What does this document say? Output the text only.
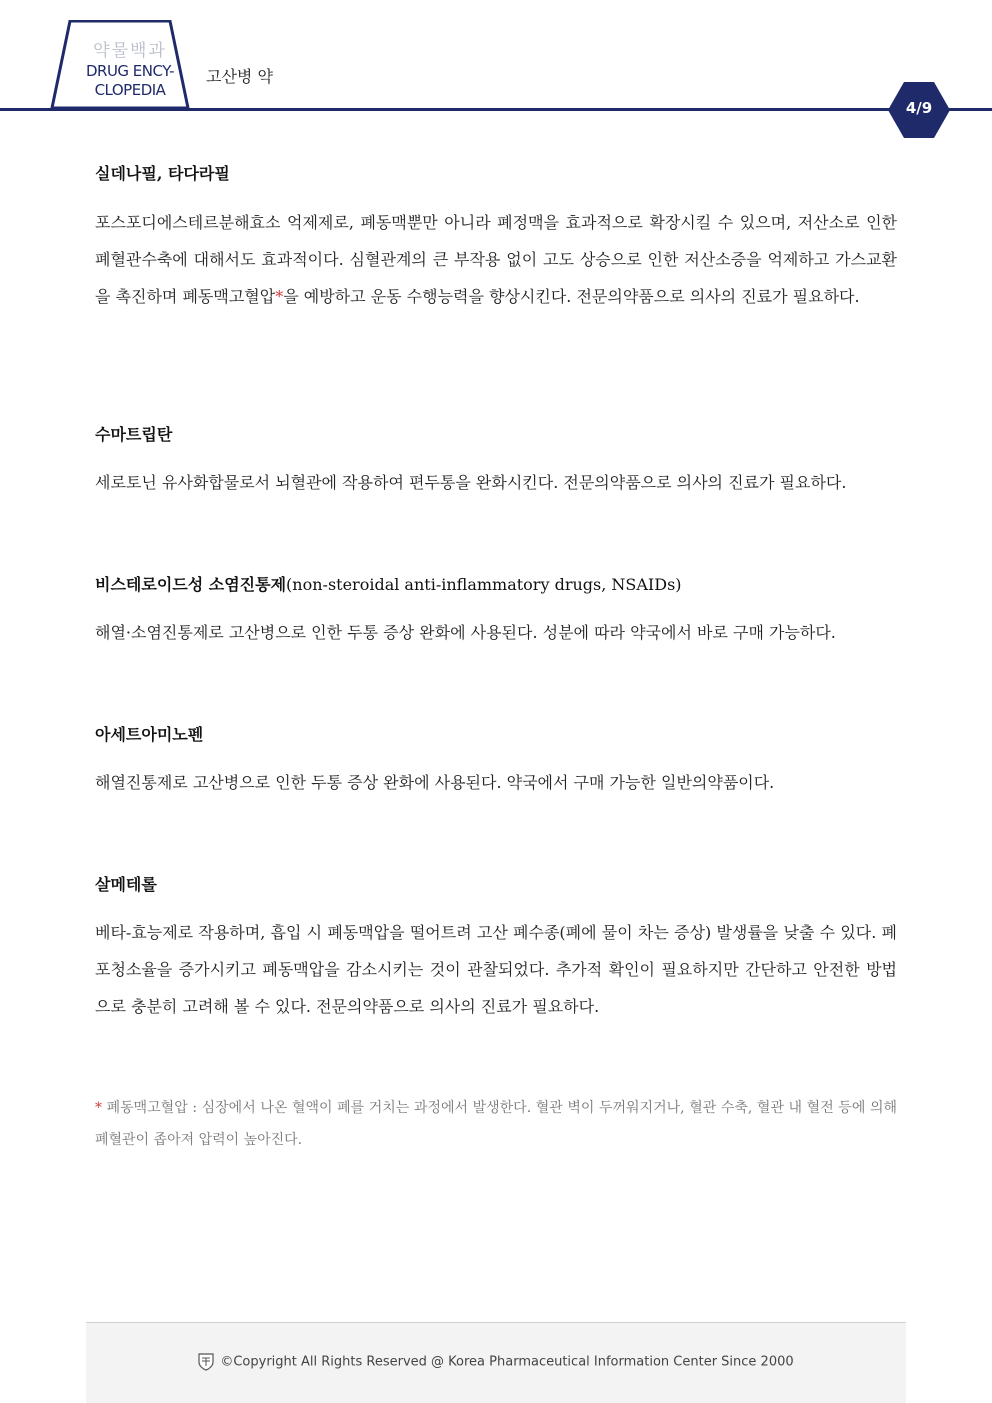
약물백과
DRUG ENCY-
CLOPEDIA
고산병 약
4/9
실데나필, 타다라필
포스포디에스테르분해효소 억제제로, 폐동맥뿐만 아니라 폐정맥을 효과적으로 확장시킬 수 있으며, 저산소로 인한 폐혈관수축에 대해서도 효과적이다. 심혈관계의 큰 부작용 없이 고도 상승으로 인한 저산소증을 억제하고 가스교환을 촉진하며 폐동맥고혈압*을 예방하고 운동 수행능력을 향상시킨다. 전문의약품으로 의사의 진료가 필요하다.
수마트립탄
세로토닌 유사화합물로서 뇌혈관에 작용하여 편두통을 완화시킨다. 전문의약품으로 의사의 진료가 필요하다.
비스테로이드성 소염진통제(non-steroidal anti-inflammatory drugs, NSAIDs)
해열·소염진통제로 고산병으로 인한 두통 증상 완화에 사용된다. 성분에 따라 약국에서 바로 구매 가능하다.
아세트아미노펜
해열진통제로 고산병으로 인한 두통 증상 완화에 사용된다. 약국에서 구매 가능한 일반의약품이다.
살메테롤
베타-효능제로 작용하며, 흡입 시 폐동맥압을 떨어트려 고산 폐수종(폐에 물이 차는 증상) 발생률을 낮출 수 있다. 폐포청소율을 증가시키고 폐동맥압을 감소시키는 것이 관찰되었다. 추가적 확인이 필요하지만 간단하고 안전한 방법으로 충분히 고려해 볼 수 있다. 전문의약품으로 의사의 진료가 필요하다.
* 폐동맥고혈압 : 심장에서 나온 혈액이 폐를 거치는 과정에서 발생한다. 혈관 벽이 두꺼워지거나, 혈관 수축, 혈관 내 혈전 등에 의해 폐혈관이 좁아져 압력이 높아진다.
©Copyright All Rights Reserved @ Korea Pharmaceutical Information Center Since 2000
